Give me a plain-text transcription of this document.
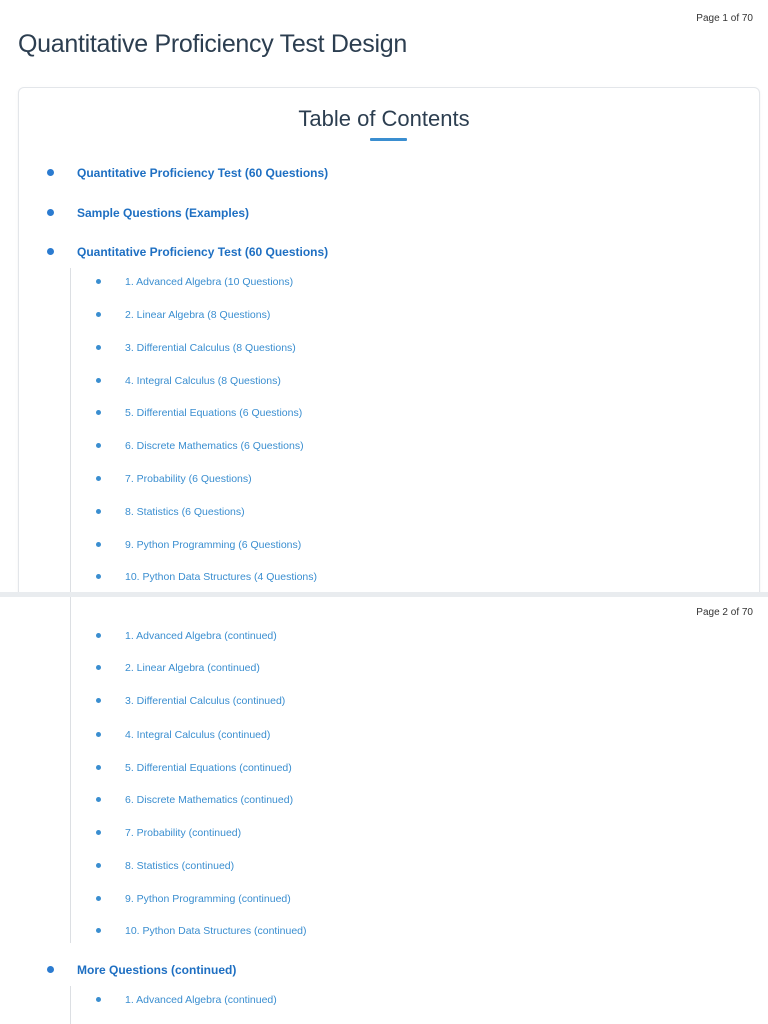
Page 1 of 70
Quantitative Proficiency Test Design
Table of Contents
Quantitative Proficiency Test (60 Questions)
Sample Questions (Examples)
Quantitative Proficiency Test (60 Questions)
1. Advanced Algebra (10 Questions)
2. Linear Algebra (8 Questions)
3. Differential Calculus (8 Questions)
4. Integral Calculus (8 Questions)
5. Differential Equations (6 Questions)
6. Discrete Mathematics (6 Questions)
7. Probability (6 Questions)
8. Statistics (6 Questions)
9. Python Programming (6 Questions)
10. Python Data Structures (4 Questions)
Page 2 of 70
1. Advanced Algebra (continued)
2. Linear Algebra (continued)
3. Differential Calculus (continued)
4. Integral Calculus (continued)
5. Differential Equations (continued)
6. Discrete Mathematics (continued)
7. Probability (continued)
8. Statistics (continued)
9. Python Programming (continued)
10. Python Data Structures (continued)
More Questions (continued)
1. Advanced Algebra (continued)
